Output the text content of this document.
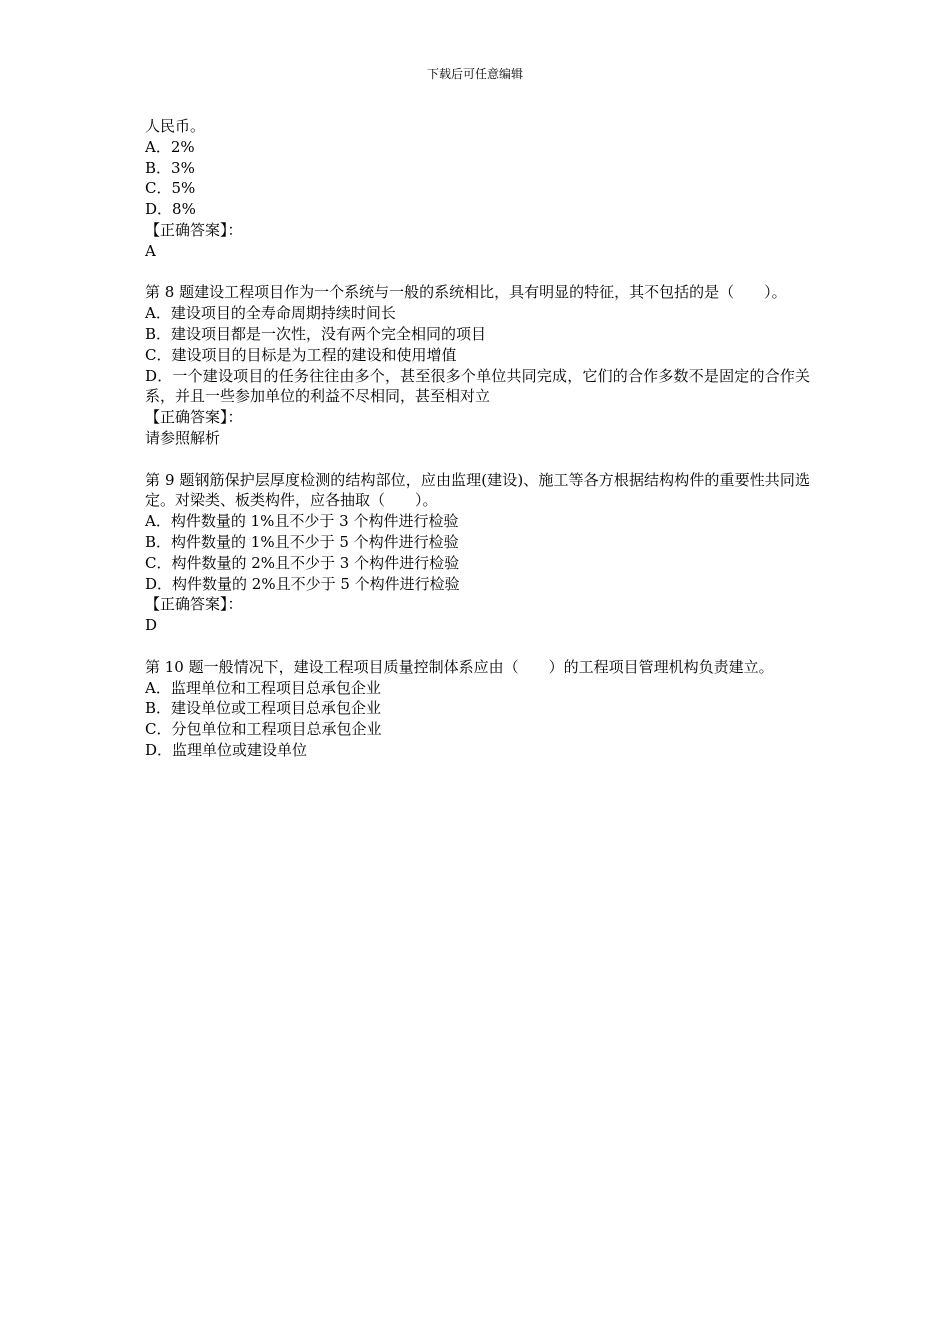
下载后可任意编辑
人民币。
A．2%
B．3%
C．5%
D．8%
【正确答案】：
A
第 8 题建设工程项目作为一个系统与一般的系统相比，具有明显的特征，其不包括的是（　　）。
A．建设项目的全寿命周期持续时间长
B．建设项目都是一次性，没有两个完全相同的项目
C．建设项目的目标是为工程的建设和使用增值
D．一个建设项目的任务往往由多个，甚至很多个单位共同完成，它们的合作多数不是固定的合作关系，并且一些参加单位的利益不尽相同，甚至相对立
【正确答案】：
请参照解析
第 9 题钢筋保护层厚度检测的结构部位，应由监理(建设)、施工等各方根据结构构件的重要性共同选定。对梁类、板类构件，应各抽取（　　）。
A．构件数量的 1%且不少于 3 个构件进行检验
B．构件数量的 1%且不少于 5 个构件进行检验
C．构件数量的 2%且不少于 3 个构件进行检验
D．构件数量的 2%且不少于 5 个构件进行检验
【正确答案】：
D
第 10 题一般情况下，建设工程项目质量控制体系应由（　　）的工程项目管理机构负责建立。
A．监理单位和工程项目总承包企业
B．建设单位或工程项目总承包企业
C．分包单位和工程项目总承包企业
D．监理单位或建设单位
